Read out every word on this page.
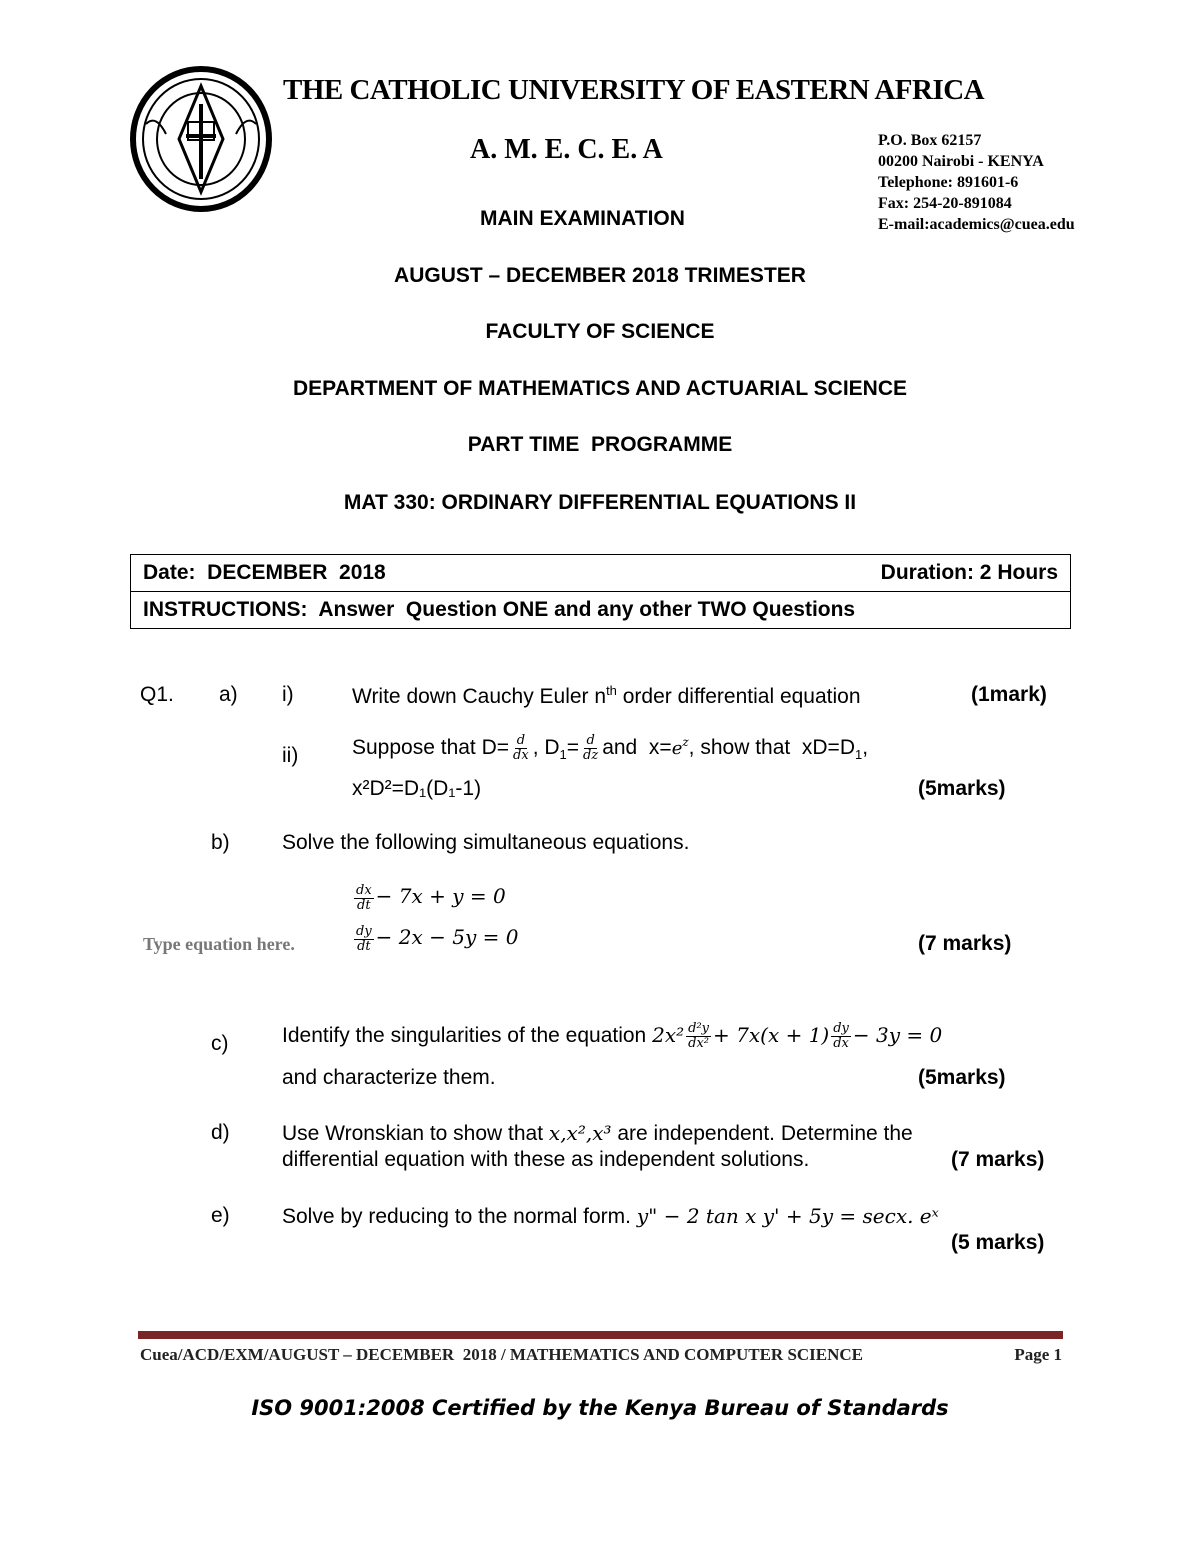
THE CATHOLIC UNIVERSITY OF EASTERN AFRICA
A. M. E. C. E. A	P.O. Box 62157
00200 Nairobi - KENYA
Telephone: 891601-6
Fax: 254-20-891084
E-mail:academics@cuea.edu
MAIN EXAMINATION
AUGUST – DECEMBER 2018 TRIMESTER
FACULTY OF SCIENCE
DEPARTMENT OF MATHEMATICS AND ACTUARIAL SCIENCE
PART TIME  PROGRAMME
MAT 330: ORDINARY DIFFERENTIAL EQUATIONS II
Date:  DECEMBER  2018	Duration: 2 Hours

INSTRUCTIONS:  Answer  Question ONE and any other TWO Questions
Q1. a) i)	Write down Cauchy Euler $n^{th}$ order differential equation	(1mark)
ii)	Suppose that $D= \frac{d}{dx}$ , $D_1= \frac{d}{dz}$ and  $x=e^z$, show that  $xD=D_1$,
x²D²=D₁(D₁-1)	(5marks)
b) Solve the following simultaneous equations.
$\frac{dx}{dt} - 7x + y = 0$
Type equation here.	$\frac{dy}{dt} - 2x - 5y = 0$	(7 marks)
c)	Identify the singularities of the equation $2x^2 \frac{\text{d²y}}{\text{dx²}} + 7x(x + 1) \frac{dy}{dx} - 3y = 0$
and characterize them.	(5marks)
d) Use Wronskian to show that x,x²,x³ are independent. Determine the
differential equation with these as independent solutions.	(7 marks)
e) Solve by reducing to the normal form. y" − 2 tan x y' + 5y = secx. eˣ
(5 marks)
Cuea/ACD/EXM/AUGUST – DECEMBER  2018 / MATHEMATICS AND COMPUTER SCIENCE	Page 1
ISO 9001:2008 Certified by the Kenya Bureau of Standards
